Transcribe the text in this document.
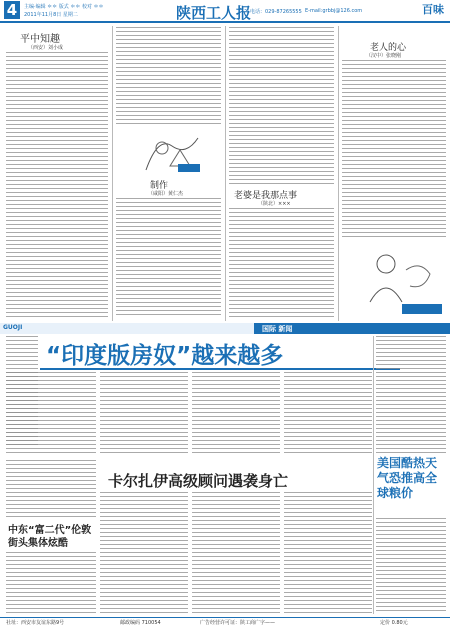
4	主编·编辑 ＊＊ 版式 ＊＊ 校对 ＊＊
2011年11月8日 星期二	陕西工人报
电话：029-87265555 E-mail:grbbj@126.com	百味
平中知趣
（西安）刘小成
制作
（咸阳）黄仁杰	老婆是我那点事
（陕北）×××
老人的心
（汉中）张晓刚
GUOJI	国际 新闻
“印度版房奴”越来越多
美国酷热天气恐推高全球粮价
卡尔扎伊高级顾问遇袭身亡
中东“富二代”伦敦街头集体炫酷
社址：西安市友谊东路9号	邮政编码 710054	广告经营许可证：陕工商广字——	定价 0.80元
